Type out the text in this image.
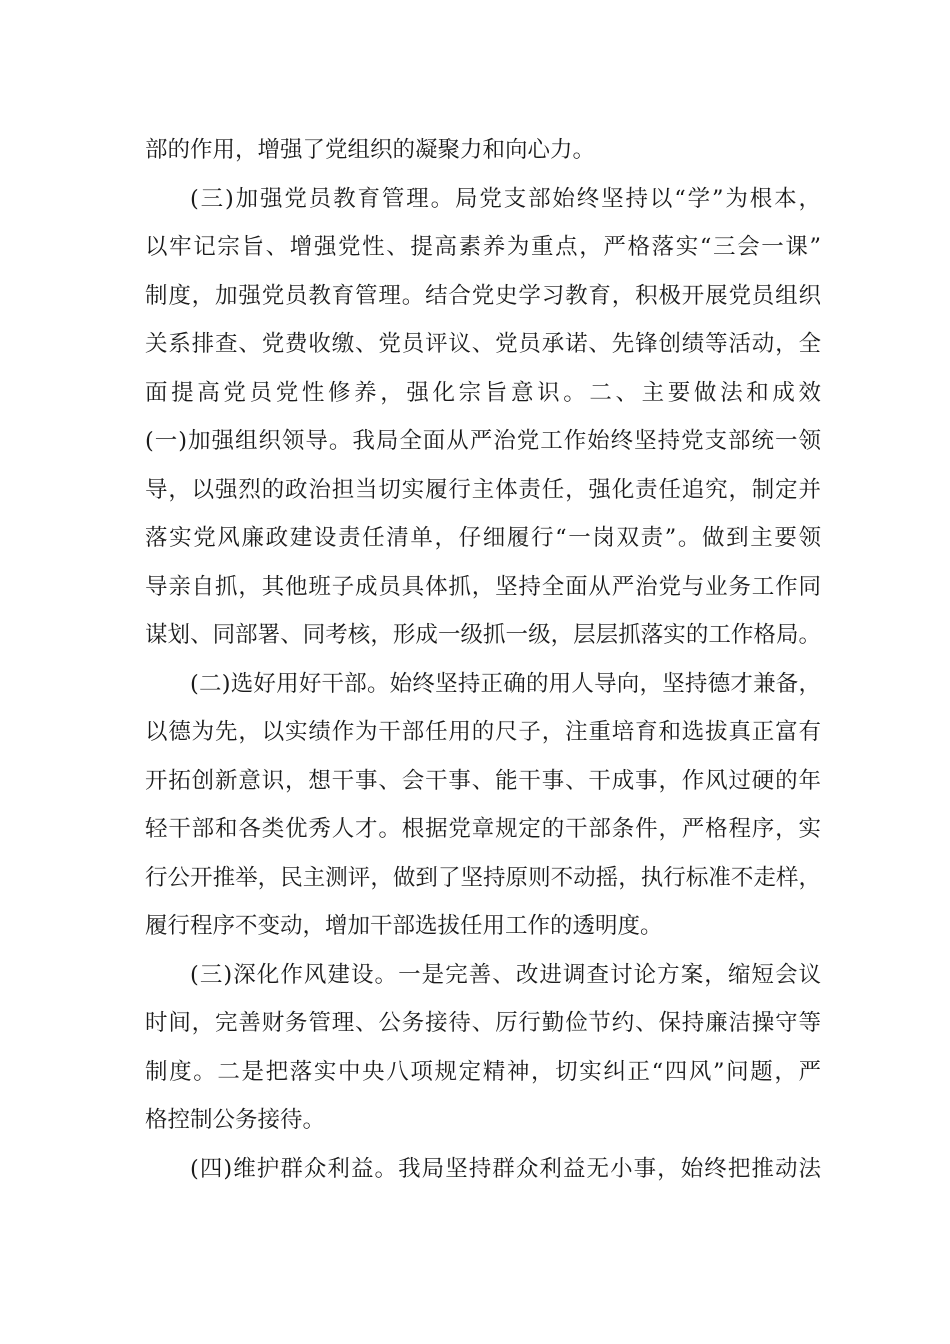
部的作用，增强了党组织的凝聚力和向心力。
(三)加强党员教育管理。局党支部始终坚持以“学”为根本，
以牢记宗旨、增强党性、提高素养为重点，严格落实“三会一课”
制度，加强党员教育管理。结合党史学习教育，积极开展党员组织
关系排查、党费收缴、党员评议、党员承诺、先锋创绩等活动，全
面提高党员党性修养，强化宗旨意识。二、主要做法和成效
(一)加强组织领导。我局全面从严治党工作始终坚持党支部统一领
导，以强烈的政治担当切实履行主体责任，强化责任追究，制定并
落实党风廉政建设责任清单，仔细履行“一岗双责”。做到主要领
导亲自抓，其他班子成员具体抓，坚持全面从严治党与业务工作同
谋划、同部署、同考核，形成一级抓一级，层层抓落实的工作格局。
(二)选好用好干部。始终坚持正确的用人导向，坚持德才兼备，
以德为先，以实绩作为干部任用的尺子，注重培育和选拔真正富有
开拓创新意识，想干事、会干事、能干事、干成事，作风过硬的年
轻干部和各类优秀人才。根据党章规定的干部条件，严格程序，实
行公开推举，民主测评，做到了坚持原则不动摇，执行标准不走样，
履行程序不变动，增加干部选拔任用工作的透明度。
(三)深化作风建设。一是完善、改进调查讨论方案，缩短会议
时间，完善财务管理、公务接待、厉行勤俭节约、保持廉洁操守等
制度。二是把落实中央八项规定精神，切实纠正“四风”问题，严
格控制公务接待。
(四)维护群众利益。我局坚持群众利益无小事，始终把推动法
